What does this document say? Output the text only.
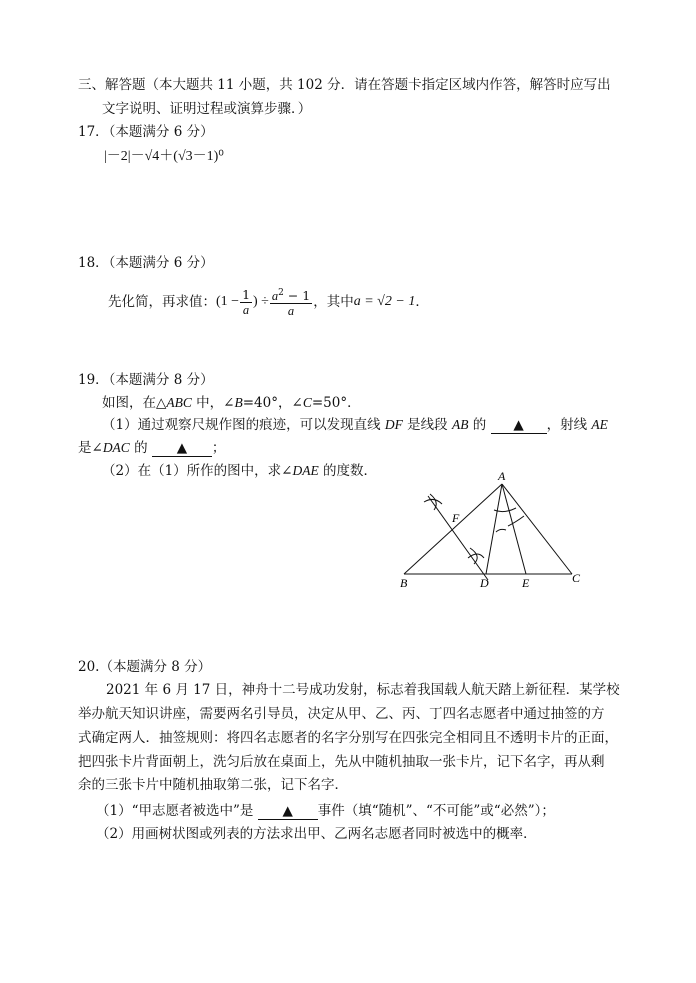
三、解答题（本大题共 11 小题，共 102 分．请在答题卡指定区域内作答，解答时应写出
文字说明、证明过程或演算步骤．）
17．（本题满分 6 分）
|－2|－√4＋(√3－1)⁰
18．（本题满分 6 分）
先化简，再求值： ($1 - \frac{1}{a}$ ) ÷ $\frac{a^2 - 1}{a}$ ，其中 a = √2 − 1 ．
19．（本题满分 8 分）
如图，在△ABC 中，∠B=40°，∠C=50°．
（1）通过观察尺规作图的痕迹，可以发现直线 DF 是线段 AB 的 ▲ ，射线 AE
是∠DAC 的 ▲ ；
（2）在（1）所作的图中，求∠DAE 的度数．	A
B	C
D	E
F
20.（本题满分 8 分）
2021 年 6 月 17 日，神舟十二号成功发射，标志着我国载人航天踏上新征程．某学校
举办航天知识讲座，需要两名引导员，决定从甲、乙、丙、丁四名志愿者中通过抽签的方
式确定两人．抽签规则：将四名志愿者的名字分别写在四张完全相同且不透明卡片的正面，
把四张卡片背面朝上，洗匀后放在桌面上，先从中随机抽取一张卡片，记下名字，再从剩
余的三张卡片中随机抽取第二张，记下名字．
（1）“甲志愿者被选中”是 ▲ 事件（填“随机”、“不可能”或“必然”）；
（2）用画树状图或列表的方法求出甲、乙两名志愿者同时被选中的概率．
